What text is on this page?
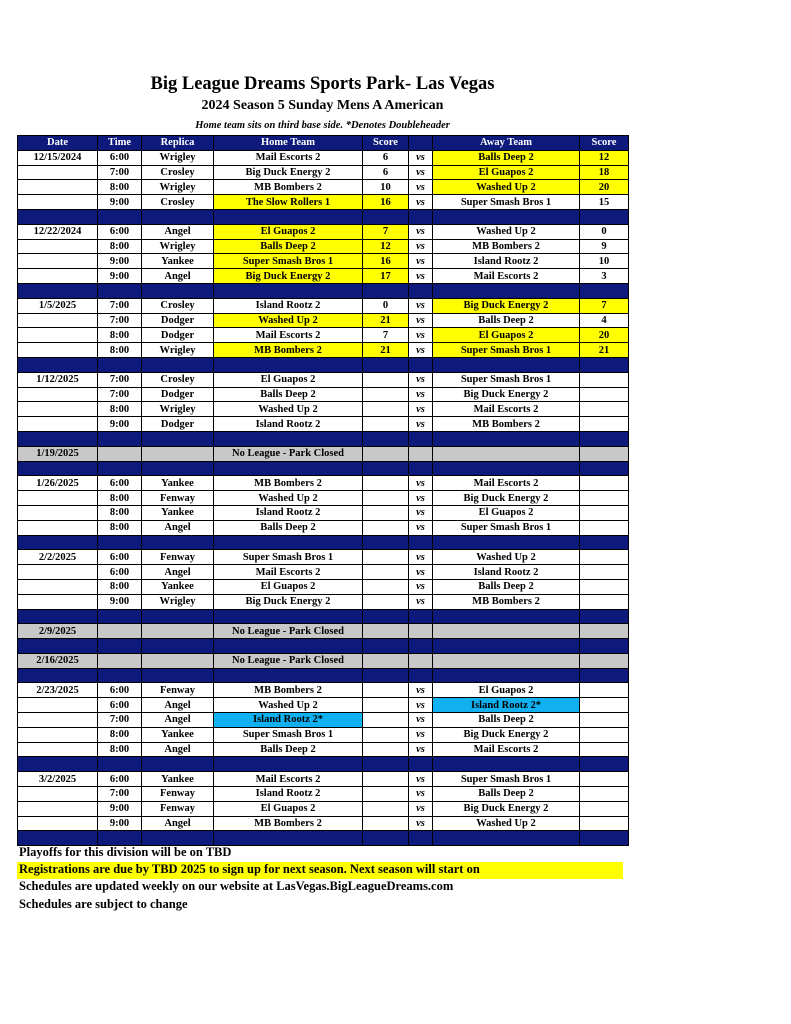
Big League Dreams Sports Park- Las Vegas
2024 Season 5 Sunday Mens A American
Home team sits on third base side. *Denotes Doubleheader
Date	Time	Replica	Home Team	Score		Away Team	Score
12/15/2024	6:00	Wrigley	Mail Escorts 2	6	vs	Balls Deep 2	12
	7:00	Crosley	Big Duck Energy 2	6	vs	El Guapos 2	18
	8:00	Wrigley	MB Bombers 2	10	vs	Washed Up 2	20
	9:00	Crosley	The Slow Rollers 1	16	vs	Super Smash Bros 1	15

12/22/2024	6:00	Angel	El Guapos 2	7	vs	Washed Up 2	0
	8:00	Wrigley	Balls Deep 2	12	vs	MB Bombers 2	9
	9:00	Yankee	Super Smash Bros 1	16	vs	Island Rootz 2	10
	9:00	Angel	Big Duck Energy 2	17	vs	Mail Escorts 2	3

1/5/2025	7:00	Crosley	Island Rootz 2	0	vs	Big Duck Energy 2	7
	7:00	Dodger	Washed Up 2	21	vs	Balls Deep 2	4
	8:00	Dodger	Mail Escorts 2	7	vs	El Guapos 2	20
	8:00	Wrigley	MB Bombers 2	21	vs	Super Smash Bros 1	21

1/12/2025	7:00	Crosley	El Guapos 2		vs	Super Smash Bros 1	
	7:00	Dodger	Balls Deep 2		vs	Big Duck Energy 2	
	8:00	Wrigley	Washed Up 2		vs	Mail Escorts 2	
	9:00	Dodger	Island Rootz 2		vs	MB Bombers 2	

1/19/2025			No League - Park Closed				

1/26/2025	6:00	Yankee	MB Bombers 2		vs	Mail Escorts 2	
	8:00	Fenway	Washed Up 2		vs	Big Duck Energy 2	
	8:00	Yankee	Island Rootz 2		vs	El Guapos 2	
	8:00	Angel	Balls Deep 2		vs	Super Smash Bros 1	

2/2/2025	6:00	Fenway	Super Smash Bros 1		vs	Washed Up 2	
	6:00	Angel	Mail Escorts 2		vs	Island Rootz 2	
	8:00	Yankee	El Guapos 2		vs	Balls Deep 2	
	9:00	Wrigley	Big Duck Energy 2		vs	MB Bombers 2	

2/9/2025			No League - Park Closed				

2/16/2025			No League - Park Closed				

2/23/2025	6:00	Fenway	MB Bombers 2		vs	El Guapos 2	
	6:00	Angel	Washed Up 2		vs	Island Rootz 2*	
	7:00	Angel	Island Rootz 2*		vs	Balls Deep 2	
	8:00	Yankee	Super Smash Bros 1		vs	Big Duck Energy 2	
	8:00	Angel	Balls Deep 2		vs	Mail Escorts 2	

3/2/2025	6:00	Yankee	Mail Escorts 2		vs	Super Smash Bros 1	
	7:00	Fenway	Island Rootz 2		vs	Balls Deep 2	
	9:00	Fenway	El Guapos 2		vs	Big Duck Energy 2	
	9:00	Angel	MB Bombers 2		vs	Washed Up 2	

Playoffs for this division will be on TBD
Registrations are due by TBD 2025 to sign up for next season. Next season will start on
Schedules are updated weekly on our website at LasVegas.BigLeagueDreams.com
Schedules are subject to change
